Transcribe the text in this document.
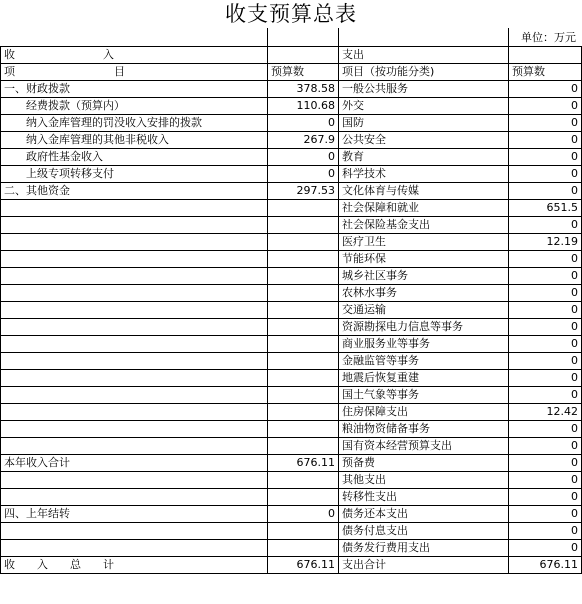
收支预算总表
单位：万元
收　　　　　　　　入		支出	
项　　　　　　　　　目	预算数	项目（按功能分类)	预算数
一、财政拨款	378.58	一般公共服务	0
　　经费拨款（预算内）	110.68	外交	0
　　纳入金库管理的罚没收入安排的拨款	0	国防	0
　　纳入金库管理的其他非税收入	267.9	公共安全	0
　　政府性基金收入	0	教育	0
　　上级专项转移支付	0	科学技术	0
二、其他资金	297.53	文化体育与传媒	0
		社会保障和就业	651.5
		社会保险基金支出	0
		医疗卫生	12.19
		节能环保	0
		城乡社区事务	0
		农林水事务	0
		交通运输	0
		资源勘探电力信息等事务	0
		商业服务业等事务	0
		金融监管等事务	0
		地震后恢复重建	0
		国土气象等事务	0
		住房保障支出	12.42
		粮油物资储备事务	0
		国有资本经营预算支出	0
本年收入合计	676.11	预备费	0
		其他支出	0
		转移性支出	0
四、上年结转	0	债务还本支出	0
		债务付息支出	0
		债务发行费用支出	0
收　　入　　总　　计	676.11	支出合计	676.11
